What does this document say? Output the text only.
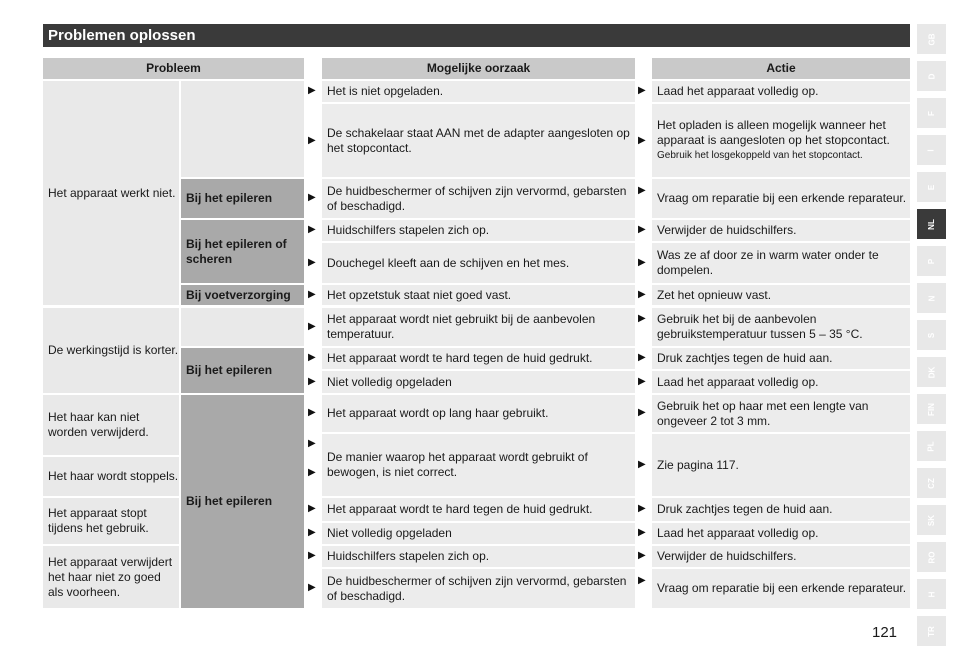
Problemen oplossen
Probleem	Mogelijke oorzaak	Actie
Het apparaat werkt niet.
De werkingstijd is korter.
Het haar kan niet worden verwijderd.
Het haar wordt stoppels.
Het apparaat stopt tijdens het gebruik.
Het apparaat verwijdert het haar niet zo goed als voorheen.
Bij het epileren
Bij het epileren of scheren
Bij voetverzorging
Bij het epileren
Bij het epileren
Het is niet opgeladen.
De schakelaar staat AAN met de adapter aangesloten op het stopcontact.
De huidbeschermer of schijven zijn vervormd, gebarsten of beschadigd.
Huidschilfers stapelen zich op.
Douchegel kleeft aan de schijven en het mes.
Het opzetstuk staat niet goed vast.
Het apparaat wordt niet gebruikt bij de aanbevolen temperatuur.
Het apparaat wordt te hard tegen de huid gedrukt.
Niet volledig opgeladen
Het apparaat wordt op lang haar gebruikt.
De manier waarop het apparaat wordt gebruikt of bewogen, is niet correct.
Het apparaat wordt te hard tegen de huid gedrukt.
Niet volledig opgeladen
Huidschilfers stapelen zich op.
De huidbeschermer of schijven zijn vervormd, gebarsten of beschadigd.
Laad het apparaat volledig op.
Het opladen is alleen mogelijk wanneer het apparaat is aangesloten op het stopcontact.
Gebruik het losgekoppeld van het stopcontact.
Vraag om reparatie bij een erkende reparateur.
Verwijder de huidschilfers.
Was ze af door ze in warm water onder te dompelen.
Zet het opnieuw vast.
Gebruik het bij de aanbevolen gebruikstemperatuur tussen 5 – 35 °C.
Druk zachtjes tegen de huid aan.
Laad het apparaat volledig op.
Gebruik het op haar met een lengte van ongeveer 2 tot 3 mm.
Zie pagina 117.
Druk zachtjes tegen de huid aan.
Laad het apparaat volledig op.
Verwijder de huidschilfers.
Vraag om reparatie bij een erkende reparateur.
▶
▶
▶
▶
▶
▶
▶
▶
▶
▶
▶
▶
▶
▶
▶
▶
▶
▶
▶
▶
▶
▶
▶
▶
▶
▶
▶
▶
▶
▶
▶
GB
D
F
I
E
NL
P
N
S
DK
FIN
PL
CZ
SK
RO
H
TR
121
